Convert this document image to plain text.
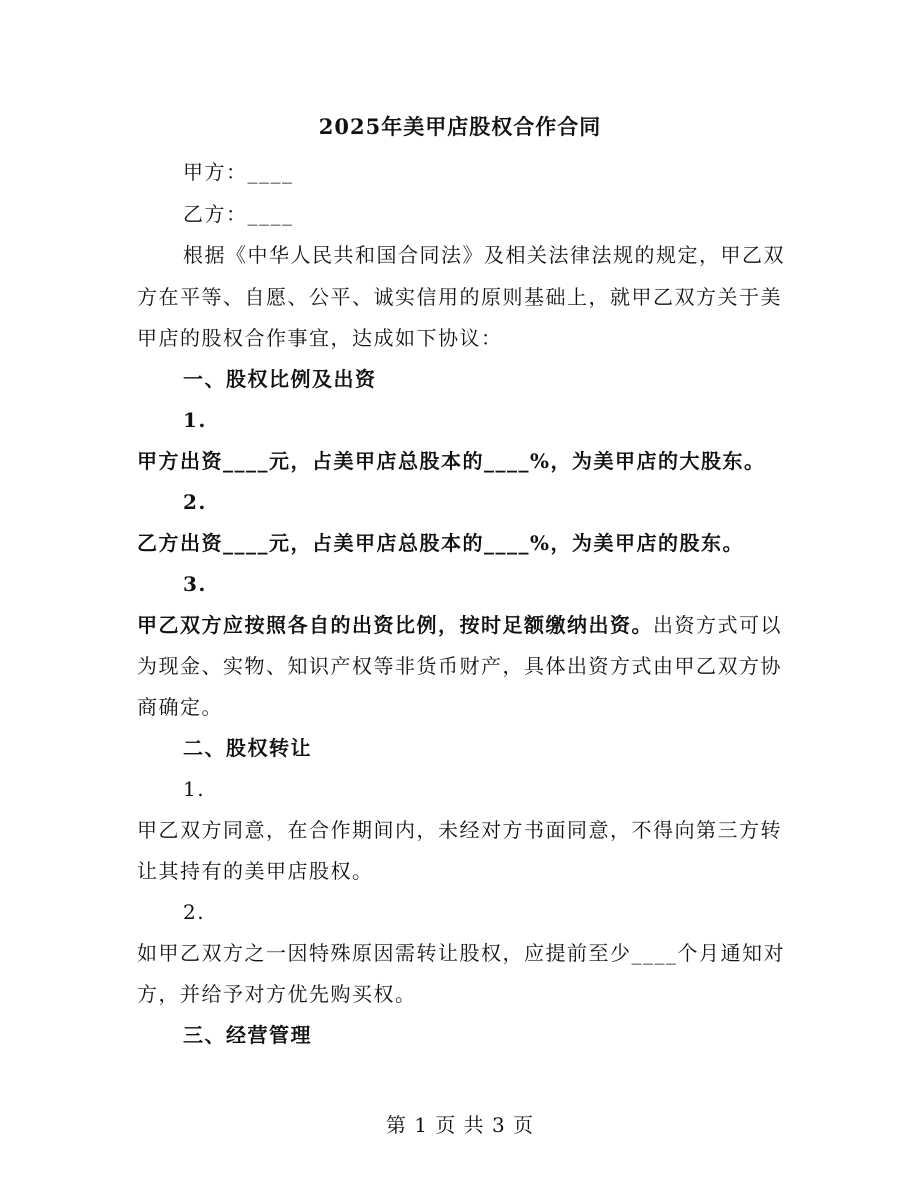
2025年美甲店股权合作合同
甲方：____
乙方：____
根据《中华人民共和国合同法》及相关法律法规的规定，甲乙双
方在平等、自愿、公平、诚实信用的原则基础上，就甲乙双方关于美
甲店的股权合作事宜，达成如下协议：
一、股权比例及出资
1.
甲方出资____元，占美甲店总股本的____%，为美甲店的大股东。
2.
乙方出资____元，占美甲店总股本的____%，为美甲店的股东。
3.
甲乙双方应按照各自的出资比例，按时足额缴纳出资。出资方式可以
为现金、实物、知识产权等非货币财产，具体出资方式由甲乙双方协
商确定。
二、股权转让
1.
甲乙双方同意，在合作期间内，未经对方书面同意，不得向第三方转
让其持有的美甲店股权。
2.
如甲乙双方之一因特殊原因需转让股权，应提前至少____个月通知对
方，并给予对方优先购买权。
三、经营管理
第 1 页 共 3 页
